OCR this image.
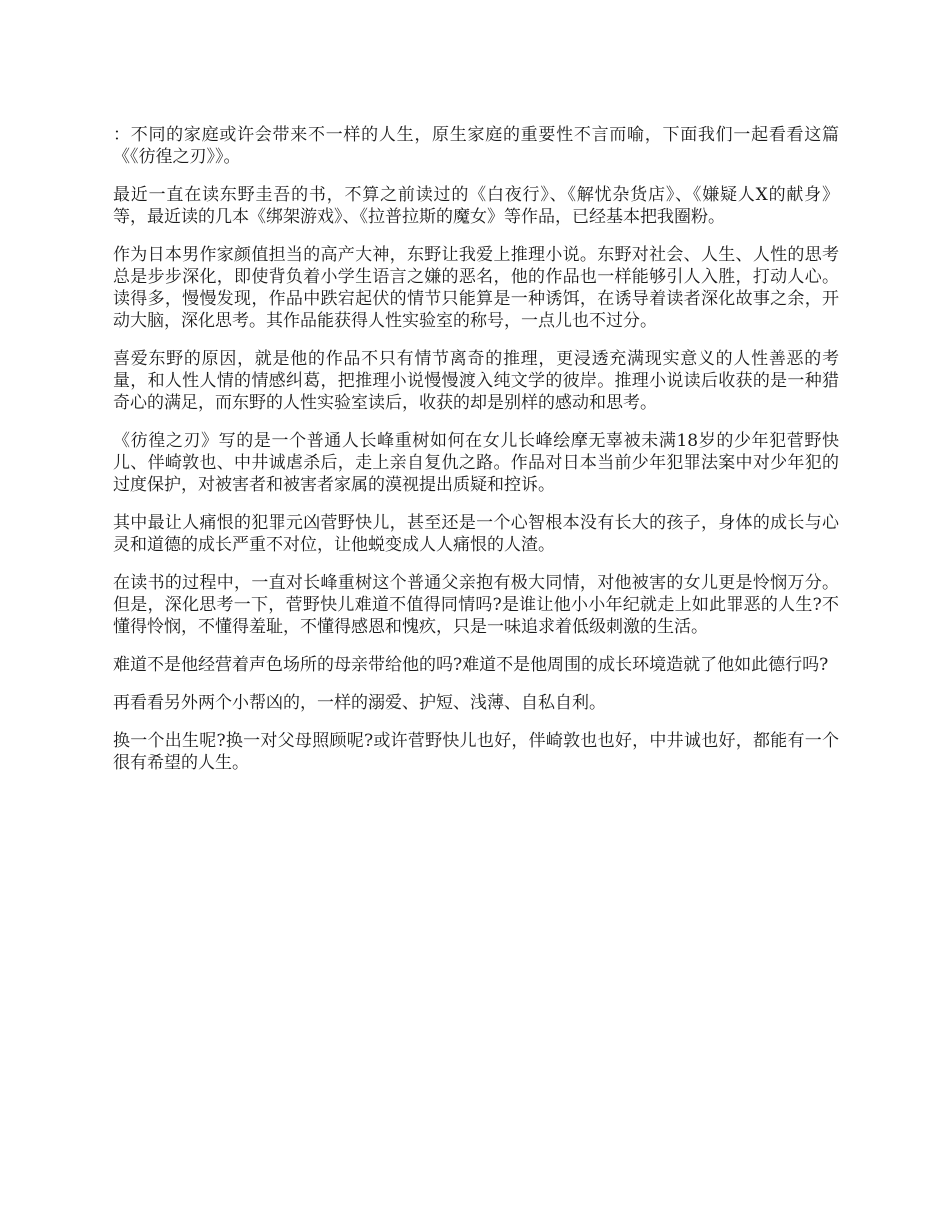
：不同的家庭或许会带来不一样的人生，原生家庭的重要性不言而喻，下面我们一起看看这篇《《彷徨之刃》》。

最近一直在读东野圭吾的书，不算之前读过的《白夜行》、《解忧杂货店》、《嫌疑人X的献身》等，最近读的几本《绑架游戏》、《拉普拉斯的魔女》等作品，已经基本把我圈粉。

作为日本男作家颜值担当的高产大神，东野让我爱上推理小说。东野对社会、人生、人性的思考总是步步深化，即使背负着小学生语言之嫌的恶名，他的作品也一样能够引人入胜，打动人心。读得多，慢慢发现，作品中跌宕起伏的情节只能算是一种诱饵，在诱导着读者深化故事之余，开动大脑，深化思考。其作品能获得人性实验室的称号，一点儿也不过分。

喜爱东野的原因，就是他的作品不只有情节离奇的推理，更浸透充满现实意义的人性善恶的考量，和人性人情的情感纠葛，把推理小说慢慢渡入纯文学的彼岸。推理小说读后收获的是一种猎奇心的满足，而东野的人性实验室读后，收获的却是别样的感动和思考。

《彷徨之刃》写的是一个普通人长峰重树如何在女儿长峰绘摩无辜被未满18岁的少年犯菅野快儿、伴崎敦也、中井诚虐杀后，走上亲自复仇之路。作品对日本当前少年犯罪法案中对少年犯的过度保护，对被害者和被害者家属的漠视提出质疑和控诉。

其中最让人痛恨的犯罪元凶菅野快儿，甚至还是一个心智根本没有长大的孩子，身体的成长与心灵和道德的成长严重不对位，让他蜕变成人人痛恨的人渣。

在读书的过程中，一直对长峰重树这个普通父亲抱有极大同情，对他被害的女儿更是怜悯万分。但是，深化思考一下，菅野快儿难道不值得同情吗?是谁让他小小年纪就走上如此罪恶的人生?不懂得怜悯，不懂得羞耻，不懂得感恩和愧疚，只是一味追求着低级刺激的生活。

难道不是他经营着声色场所的母亲带给他的吗?难道不是他周围的成长环境造就了他如此德行吗?

再看看另外两个小帮凶的，一样的溺爱、护短、浅薄、自私自利。

换一个出生呢?换一对父母照顾呢?或许菅野快儿也好，伴崎敦也也好，中井诚也好，都能有一个很有希望的人生。
